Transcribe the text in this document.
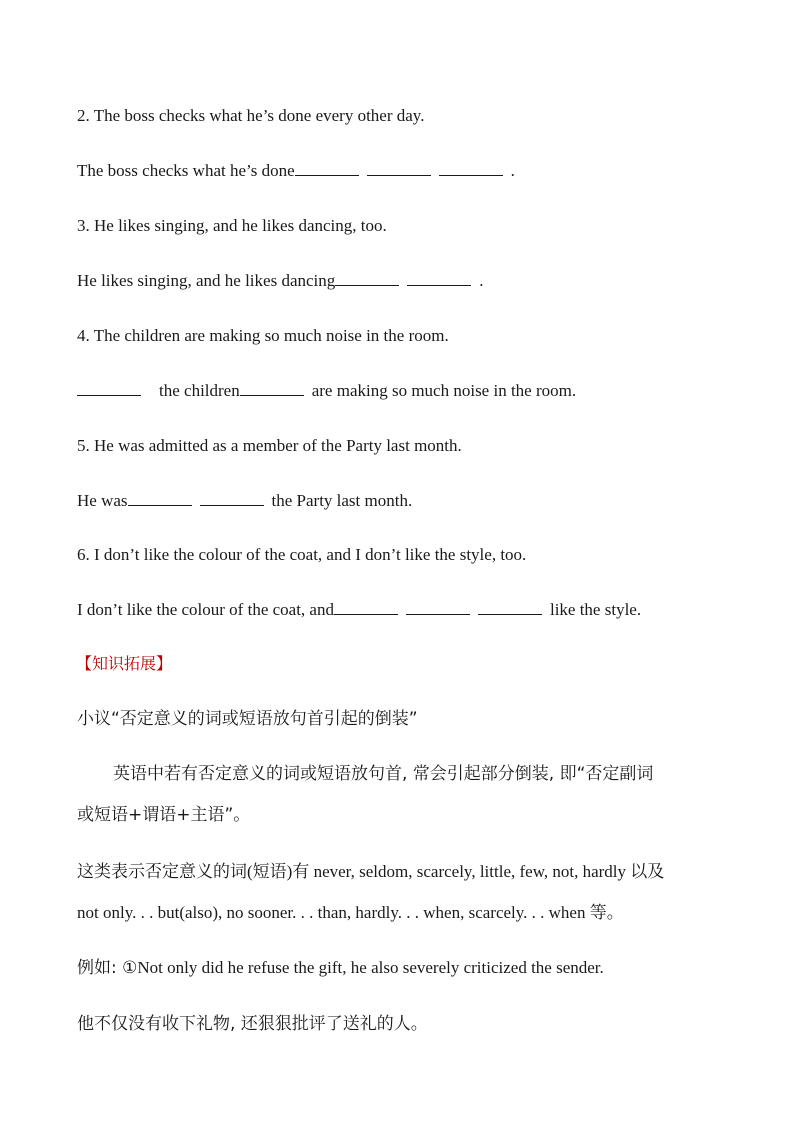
2. The boss checks what he’s done every other day.
The boss checks what he’s done	.
3. He likes singing, and he likes dancing, too.
He likes singing, and he likes dancing	.
4. The children are making so much noise in the room.
the children	are making so much noise in the room.
5. He was admitted as a member of the Party last month.
He was	the Party last month.
6. I don’t like the colour of the coat, and I don’t like the style, too.
I don’t like the colour of the coat, and	like the style.
【知识拓展】
小议“否定意义的词或短语放句首引起的倒装”
英语中若有否定意义的词或短语放句首, 常会引起部分倒装, 即“否定副词
或短语+谓语+主语”。
这类表示否定意义的词(短语)有 never, seldom, scarcely, little, few, not, hardly 以及
not only. . . but(also), no sooner. . . than, hardly. . . when, scarcely. . . when 等。
例如: ①Not only did he refuse the gift, he also severely criticized the sender.
他不仅没有收下礼物, 还狠狠批评了送礼的人。
